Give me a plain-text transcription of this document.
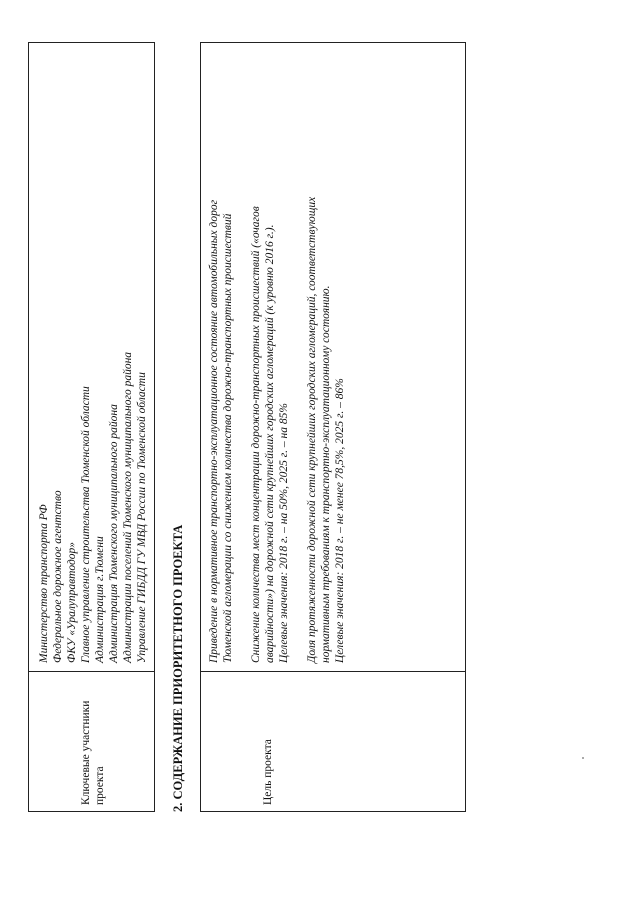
Ключевые участники проекта
Министерство транспорта РФ Федеральное дорожное агентство ФКУ «Уралуправтодор» Главное управление строительства Тюменской области Администрация г.Тюмени Администрация Тюменского муниципального района Администрации поселений Тюменского муниципального района Управление ГИБДД ГУ МВД России по Тюменской области
2. СОДЕРЖАНИЕ ПРИОРИТЕТНОГО ПРОЕКТА	Цель проекта
Приведение в нормативное транспортно-эксплуатационное состояние автомобильных дорог Тюменской агломерации со снижением количества дорожно-транспортных происшествий Снижение количества мест концентрации дорожно-транспортных происшествий («очагов аварийности») на дорожной сети крупнейших городских агломераций (к уровню 2016 г.). Целевые значения: 2018 г. – на 50%, 2025 г. – на 85% Доля протяженности дорожной сети крупнейших городских агломераций, соответствующих нормативным требованиям к транспортно-эксплуатационному состоянию. Целевые значения: 2018 г. – не менее 78,5%, 2025 г. – 86%
